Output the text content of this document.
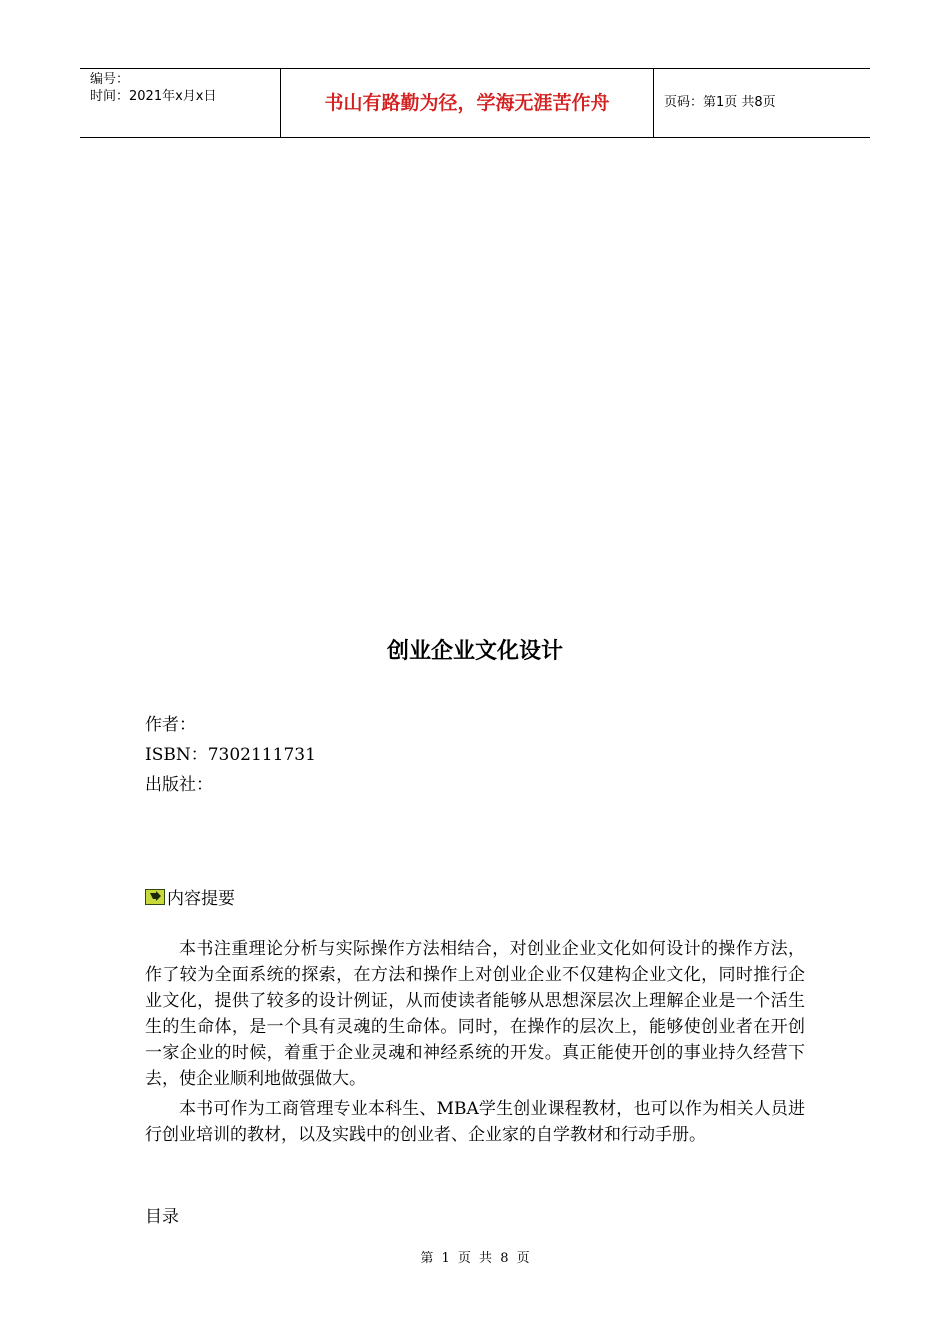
编号：
时间：2021年x月x日	书山有路勤为径，学海无涯苦作舟	页码：第1页 共8页
创业企业文化设计
作者：
ISBN：7302111731
出版社：
内容提要

本书注重理论分析与实际操作方法相结合，对创业企业文化如何设计的操作方法，作了较为全面系统的探索，在方法和操作上对创业企业不仅建构企业文化，同时推行企业文化，提供了较多的设计例证，从而使读者能够从思想深层次上理解企业是一个活生生的生命体，是一个具有灵魂的生命体。同时，在操作的层次上，能够使创业者在开创一家企业的时候，着重于企业灵魂和神经系统的开发。真正能使开创的事业持久经营下去，使企业顺利地做强做大。

本书可作为工商管理专业本科生、MBA学生创业课程教材，也可以作为相关人员进行创业培训的教材，以及实践中的创业者、企业家的自学教材和行动手册。

目录
第 1 页 共 8 页
